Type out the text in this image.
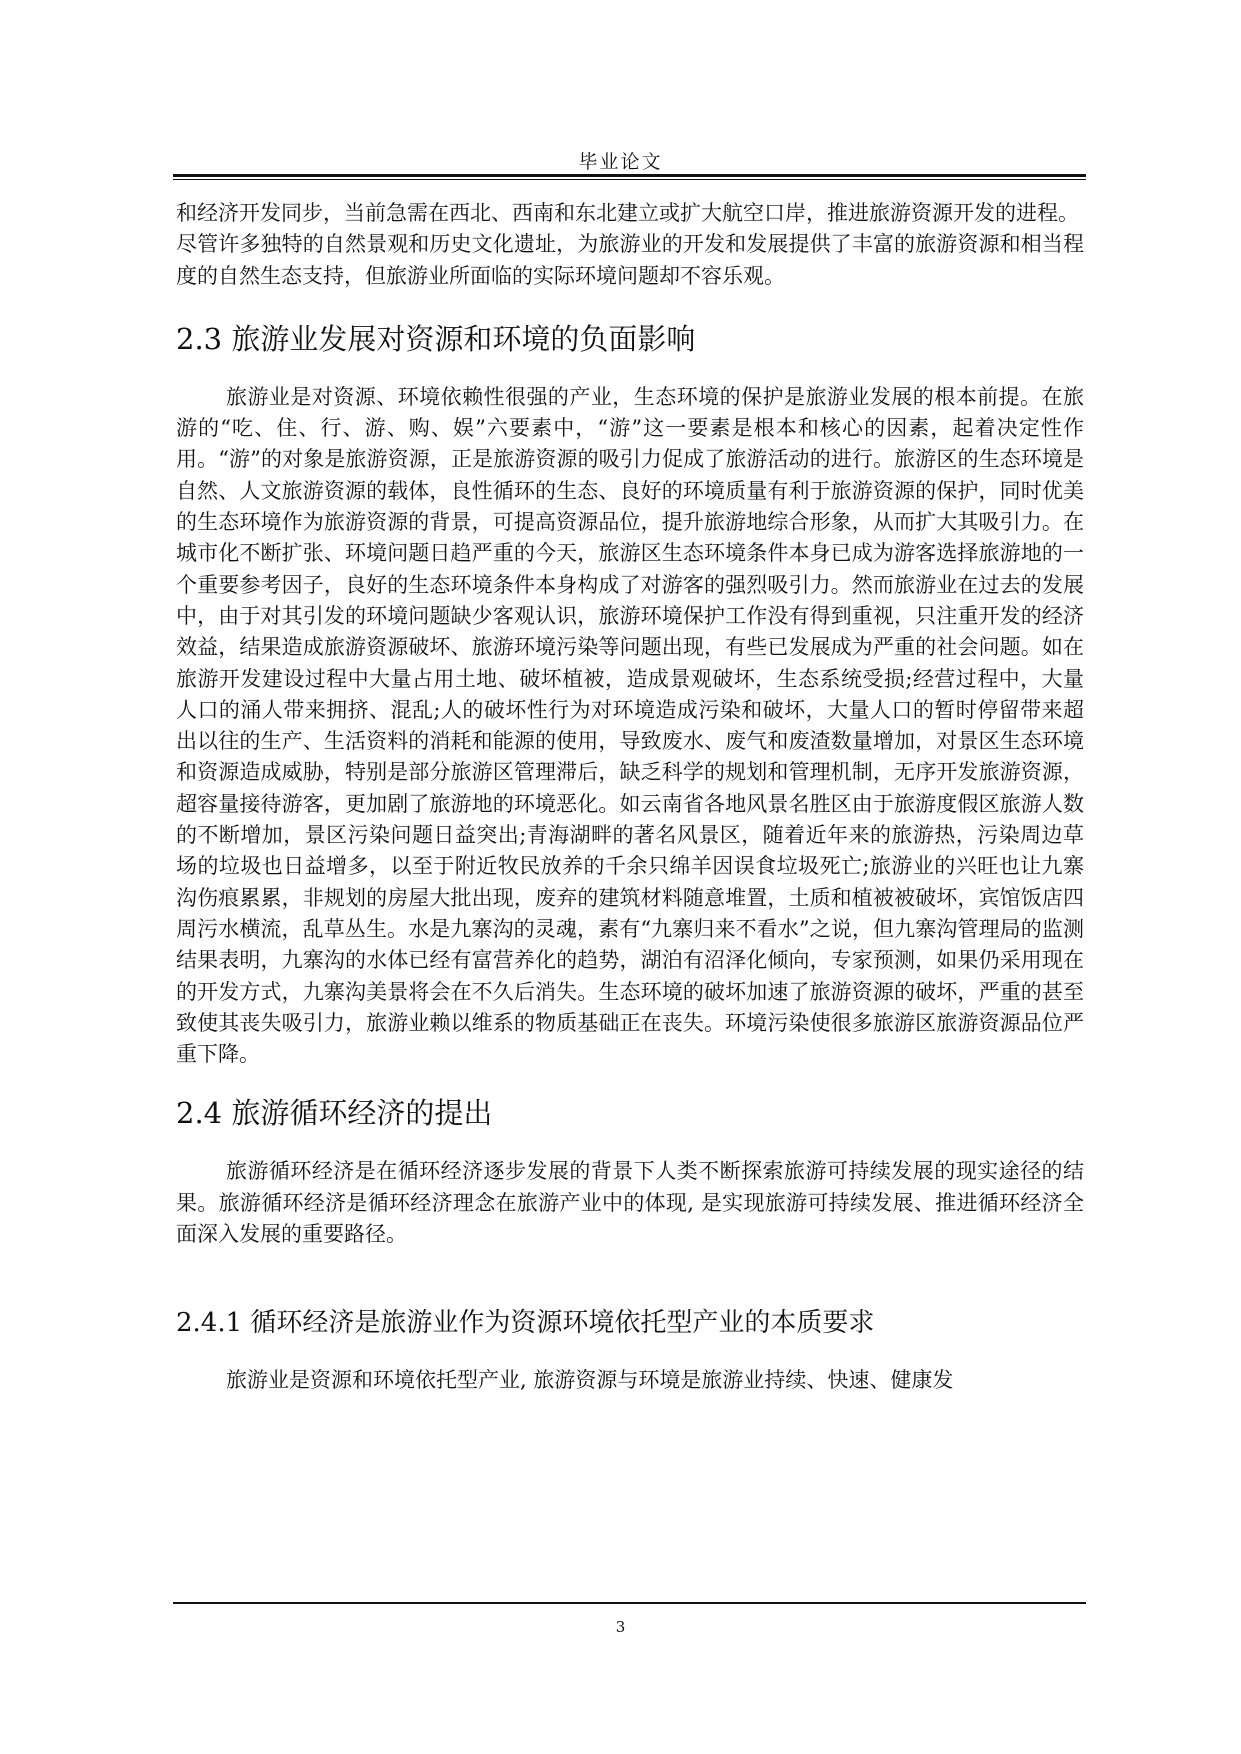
毕业论文

和经济开发同步，当前急需在西北、西南和东北建立或扩大航空口岸，推进旅游资源开发的进程。

尽管许多独特的自然景观和历史文化遗址，为旅游业的开发和发展提供了丰富的旅游资源和相当程度的自然生态支持，但旅游业所面临的实际环境问题却不容乐观。

2.3 旅游业发展对资源和环境的负面影响

旅游业是对资源、环境依赖性很强的产业，生态环境的保护是旅游业发展的根本前提。在旅游的“吃、住、行、游、购、娱”六要素中，“游”这一要素是根本和核心的因素，起着决定性作用。“游”的对象是旅游资源，正是旅游资源的吸引力促成了旅游活动的进行。旅游区的生态环境是自然、人文旅游资源的载体，良性循环的生态、良好的环境质量有利于旅游资源的保护，同时优美的生态环境作为旅游资源的背景，可提高资源品位，提升旅游地综合形象，从而扩大其吸引力。在城市化不断扩张、环境问题日趋严重的今天，旅游区生态环境条件本身已成为游客选择旅游地的一个重要参考因子，良好的生态环境条件本身构成了对游客的强烈吸引力。然而旅游业在过去的发展中，由于对其引发的环境问题缺少客观认识，旅游环境保护工作没有得到重视，只注重开发的经济效益，结果造成旅游资源破坏、旅游环境污染等问题出现，有些已发展成为严重的社会问题。如在旅游开发建设过程中大量占用土地、破坏植被，造成景观破坏，生态系统受损;经营过程中，大量人口的涌人带来拥挤、混乱;人的破坏性行为对环境造成污染和破坏，大量人口的暂时停留带来超出以往的生产、生活资料的消耗和能源的使用，导致废水、废气和废渣数量增加，对景区生态环境和资源造成威胁，特别是部分旅游区管理滞后，缺乏科学的规划和管理机制，无序开发旅游资源，超容量接待游客，更加剧了旅游地的环境恶化。如云南省各地风景名胜区由于旅游度假区旅游人数的不断增加，景区污染问题日益突出;青海湖畔的著名风景区，随着近年来的旅游热，污染周边草场的垃圾也日益增多，以至于附近牧民放养的千余只绵羊因误食垃圾死亡;旅游业的兴旺也让九寨沟伤痕累累，非规划的房屋大批出现，废弃的建筑材料随意堆置，土质和植被被破坏，宾馆饭店四周污水横流，乱草丛生。水是九寨沟的灵魂，素有“九寨归来不看水”之说，但九寨沟管理局的监测结果表明，九寨沟的水体已经有富营养化的趋势，湖泊有沼泽化倾向，专家预测，如果仍采用现在的开发方式，九寨沟美景将会在不久后消失。生态环境的破坏加速了旅游资源的破坏，严重的甚至致使其丧失吸引力，旅游业赖以维系的物质基础正在丧失。环境污染使很多旅游区旅游资源品位严重下降。

2.4 旅游循环经济的提出

旅游循环经济是在循环经济逐步发展的背景下人类不断探索旅游可持续发展的现实途径的结果。旅游循环经济是循环经济理念在旅游产业中的体现, 是实现旅游可持续发展、推进循环经济全面深入发展的重要路径。

2.4.1 循环经济是旅游业作为资源环境依托型产业的本质要求

旅游业是资源和环境依托型产业, 旅游资源与环境是旅游业持续、快速、健康发

3
